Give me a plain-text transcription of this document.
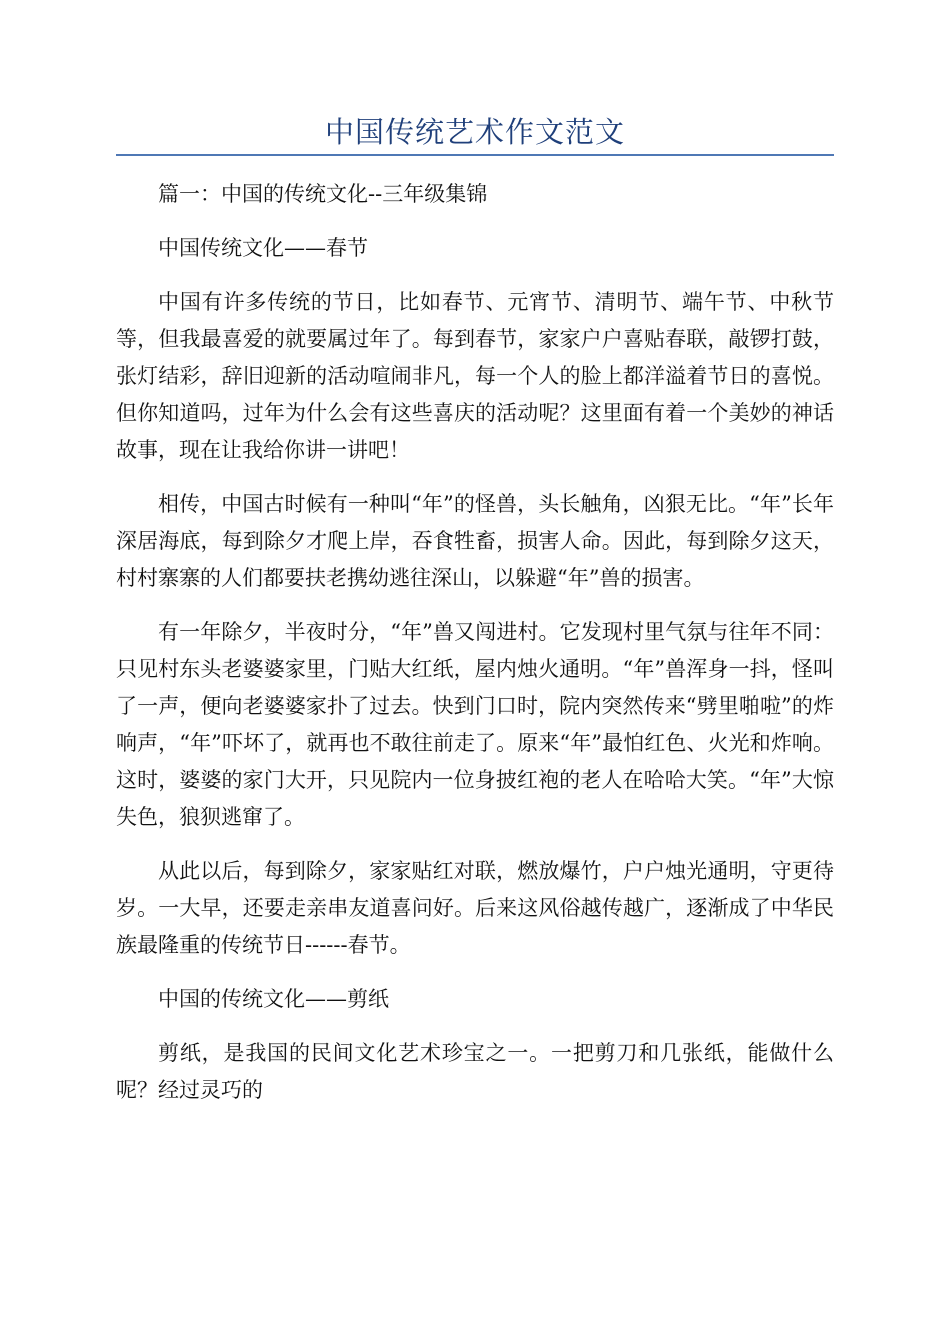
中国传统艺术作文范文

篇一：中国的传统文化--三年级集锦

中国传统文化——春节

中国有许多传统的节日，比如春节、元宵节、清明节、端午节、中秋节等，但我最喜爱的就要属过年了。每到春节，家家户户喜贴春联，敲锣打鼓，张灯结彩，辞旧迎新的活动喧闹非凡，每一个人的脸上都洋溢着节日的喜悦。但你知道吗，过年为什么会有这些喜庆的活动呢？这里面有着一个美妙的神话故事，现在让我给你讲一讲吧！

相传，中国古时候有一种叫“年”的怪兽，头长触角，凶狠无比。“年”长年深居海底，每到除夕才爬上岸，吞食牲畜，损害人命。因此，每到除夕这天，村村寨寨的人们都要扶老携幼逃往深山，以躲避“年”兽的损害。

有一年除夕，半夜时分，“年”兽又闯进村。它发现村里气氛与往年不同：只见村东头老婆婆家里，门贴大红纸，屋内烛火通明。“年”兽浑身一抖，怪叫了一声，便向老婆婆家扑了过去。快到门口时，院内突然传来“劈里啪啦”的炸响声，“年”吓坏了，就再也不敢往前走了。原来“年”最怕红色、火光和炸响。这时，婆婆的家门大开，只见院内一位身披红袍的老人在哈哈大笑。“年”大惊失色，狼狈逃窜了。

从此以后，每到除夕，家家贴红对联，燃放爆竹，户户烛光通明，守更待岁。一大早，还要走亲串友道喜问好。后来这风俗越传越广，逐渐成了中华民族最隆重的传统节日------春节。

中国的传统文化——剪纸

剪纸，是我国的民间文化艺术珍宝之一。一把剪刀和几张纸，能做什么呢？经过灵巧的
